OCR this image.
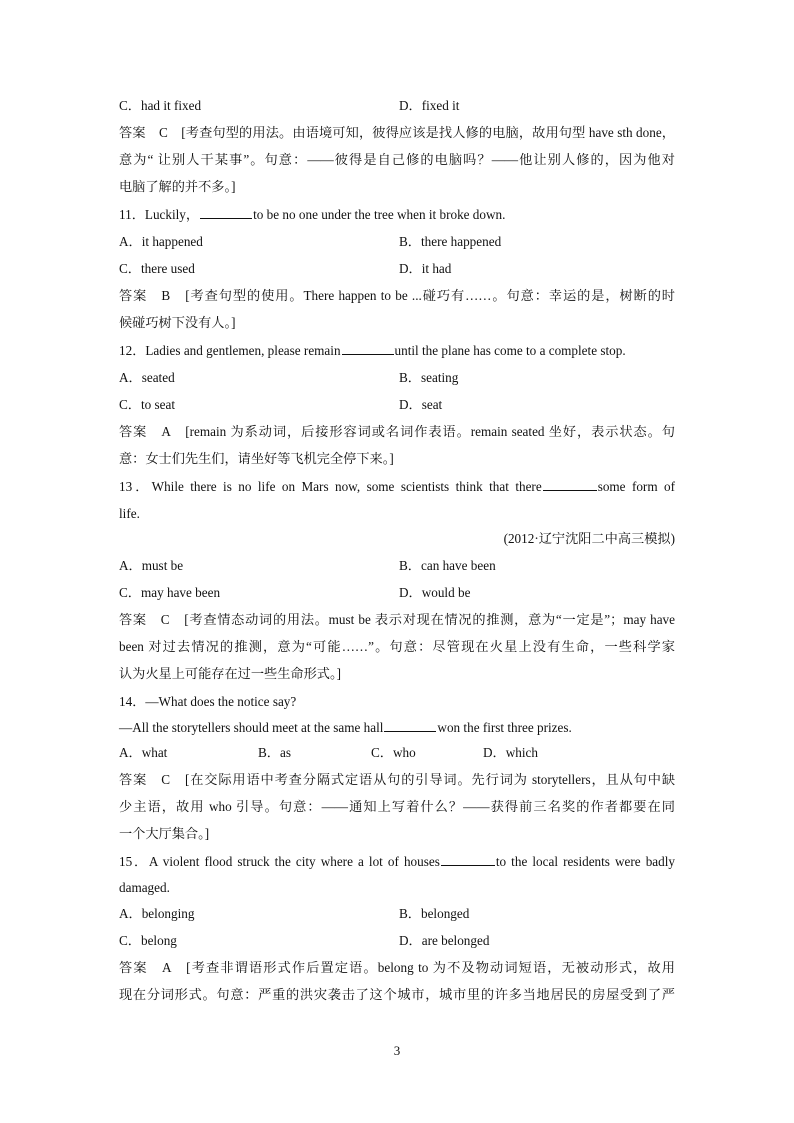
C．had it fixed	D．fixed it
答案　C　[考查句型的用法。由语境可知，彼得应该是找人修的电脑，故用句型 have sth done，
意为“ 让别人干某事”。句意：——彼得是自己修的电脑吗？——他让别人修的，因为他对
电脑了解的并不多。]
11．Luckily，	to be no one under the tree when it broke down.
A．it happened	B．there happened
C．there used	D．it had
答案　B　[考查句型的使用。There happen to be ...碰巧有……。句意：幸运的是，树断的时
候碰巧树下没有人。]
12．Ladies and gentlemen, please remain	until the plane has come to a complete stop.
A．seated	B．seating
C．to seat	D．seat
答案　A　[remain 为系动词，后接形容词或名词作表语。remain seated 坐好，表示状态。句
意：女士们先生们，请坐好等飞机完全停下来。]
13．While there is no life on Mars now, some scientists think that there	some form of
life.
(2012·辽宁沈阳二中高三模拟)
A．must be	B．can have been
C．may have been	D．would be
答案　C　[考查情态动词的用法。must be 表示对现在情况的推测，意为“一定是”；may have
been 对过去情况的推测，意为“可能……”。句意：尽管现在火星上没有生命，一些科学家
认为火星上可能存在过一些生命形式。]
14．—What does the notice say?
—All the storytellers should meet at the same hall	won the first three prizes.
A．what	B．as	C．who	D．which
答案　C　[在交际用语中考查分隔式定语从句的引导词。先行词为 storytellers，且从句中缺
少主语，故用 who 引导。句意：——通知上写着什么？——获得前三名奖的作者都要在同
一个大厅集合。]
15．A violent flood struck the city where a lot of houses	to the local residents were badly
damaged.
A．belonging	B．belonged
C．belong	D．are belonged
答案　A　[考查非谓语形式作后置定语。belong to 为不及物动词短语，无被动形式，故用
现在分词形式。句意：严重的洪灾袭击了这个城市，城市里的许多当地居民的房屋受到了严
3
